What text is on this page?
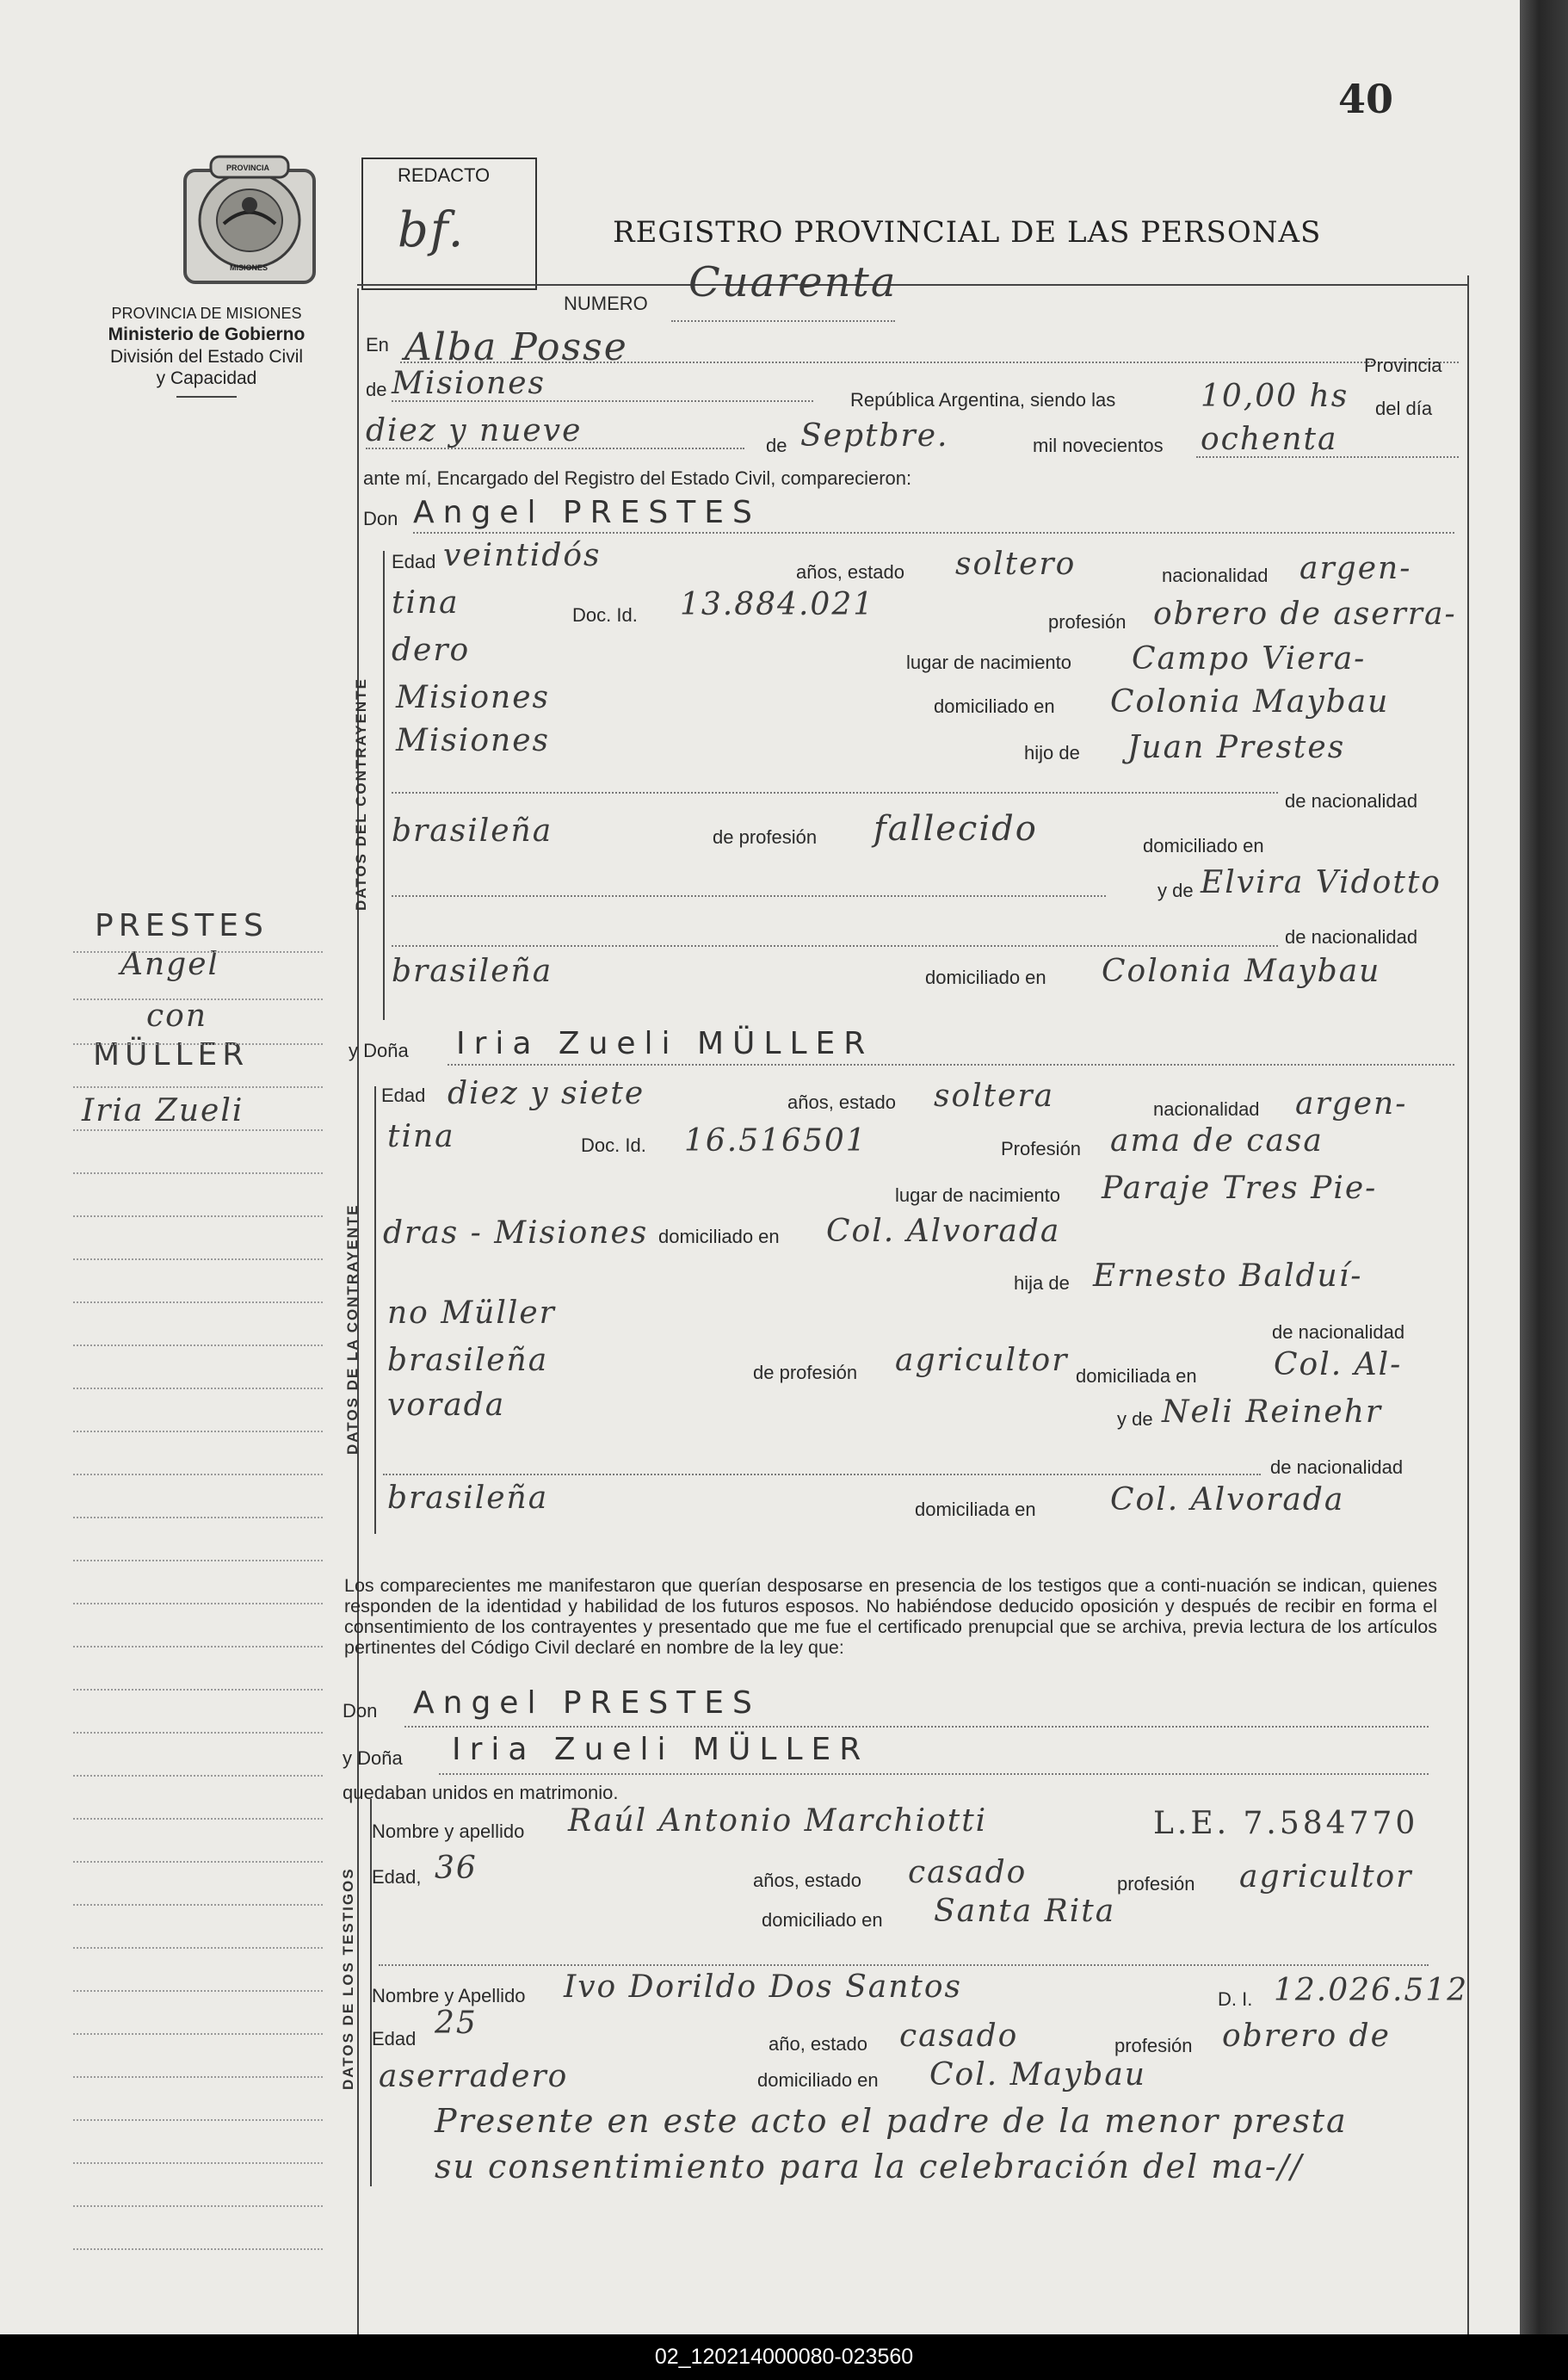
40
PROVINCIA
MISIONES
PROVINCIA DE MISIONES
Ministerio de Gobierno
División del Estado Civil
y Capacidad
REDACTO
bf.	REGISTRO PROVINCIAL DE LAS PERSONAS
NUMERO Cuarenta
En Alba Posse	Provincia
de Misiones	República Argentina, siendo las	10,00 hs del día
diez y nueve	de Septbre.	mil novecientos ochenta
ante mí, Encargado del Registro del Estado Civil, comparecieron:
Don Angel PRESTES
DATOS DEL CONTRAYENTE
Edad veintidós	años, estado soltero	nacionalidad argen-
tina	Doc. Id. 13.884.021	profesión obrero de aserra-
dero	lugar de nacimiento Campo Viera-
Misiones	domiciliado en Colonia Maybau
Misiones	hijo de Juan Prestes
de nacionalidad
brasileña	de profesión fallecido	domiciliado en
y de Elvira Vidotto
de nacionalidad
brasileña	domiciliado en Colonia Maybau
PRESTES
Angel
con
MÜLLER
Iria Zueli
y Doña Iria Zueli MÜLLER
DATOS DE LA CONTRAYENTE
Edad diez y siete	años, estado soltera	nacionalidad argen-
tina	Doc. Id. 16.516501	Profesión ama de casa
lugar de nacimiento Paraje Tres Pie-
dras - Misiones domiciliado en Col. Alvorada
hija de Ernesto Balduí-
no Müller
de nacionalidad
brasileña	de profesión agricultor domiciliada en Col. Al-
vorada	y de Neli Reinehr
de nacionalidad
brasileña	domiciliada en Col. Alvorada
Los comparecientes me manifestaron que querían desposarse en presencia de los testigos que a conti-nuación se indican, quienes responden de la identidad y habilidad de los futuros esposos. No habiéndose deducido oposición y después de recibir en forma el consentimiento de los contrayentes y presentado que me fue el certificado prenupcial que se archiva, previa lectura de los artículos pertinentes del Código Civil declaré en nombre de la ley que:
Don Angel PRESTES
y Doña Iria Zueli MÜLLER
quedaban unidos en matrimonio.
DATOS DE LOS TESTIGOS
Nombre y apellido Raúl Antonio Marchiotti	L.E. 7.584770
Edad, 36	años, estado casado	profesión agricultor
domiciliado en Santa Rita
Nombre y Apellido Ivo Dorildo Dos Santos	D. I. 12.026.512
Edad 25
año, estado casado	profesión obrero de
aserradero	domiciliado en Col. Maybau
Presente en este acto el padre de la menor presta
su consentimiento para la celebración del ma-//
02_120214000080-023560
